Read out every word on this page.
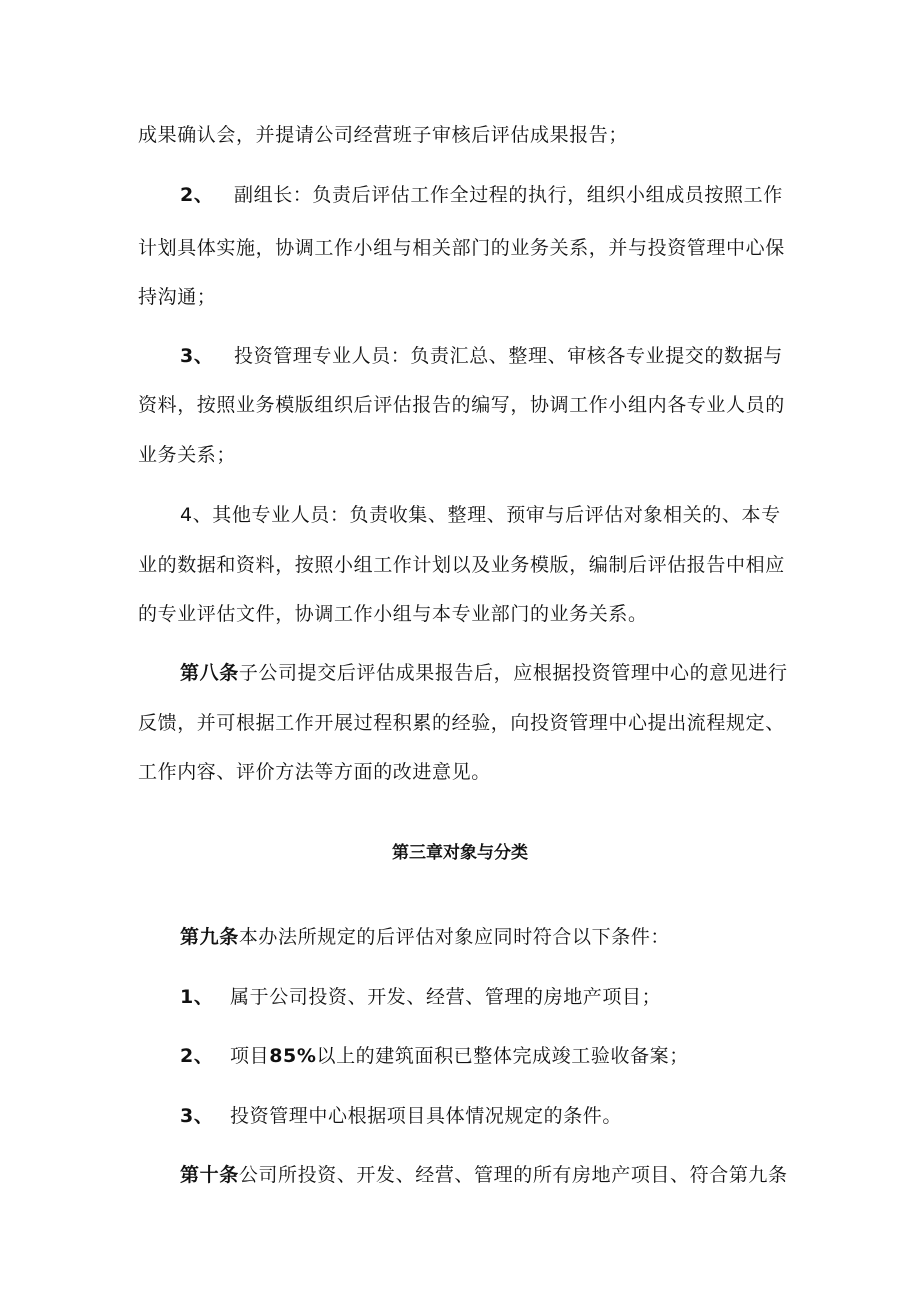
成果确认会，并提请公司经营班子审核后评估成果报告；
2、 副组长：负责后评估工作全过程的执行，组织小组成员按照工作
计划具体实施，协调工作小组与相关部门的业务关系，并与投资管理中心保
持沟通；
3、 投资管理专业人员：负责汇总、整理、审核各专业提交的数据与
资料，按照业务模版组织后评估报告的编写，协调工作小组内各专业人员的
业务关系；
4、其他专业人员：负责收集、整理、预审与后评估对象相关的、本专
业的数据和资料，按照小组工作计划以及业务模版，编制后评估报告中相应
的专业评估文件，协调工作小组与本专业部门的业务关系。
第八条子公司提交后评估成果报告后，应根据投资管理中心的意见进行
反馈，并可根据工作开展过程积累的经验，向投资管理中心提出流程规定、
工作内容、评价方法等方面的改进意见。
第三章对象与分类
第九条本办法所规定的后评估对象应同时符合以下条件：
1、 属于公司投资、开发、经营、管理的房地产项目；
2、 项目85%以上的建筑面积已整体完成竣工验收备案；
3、 投资管理中心根据项目具体情况规定的条件。
第十条公司所投资、开发、经营、管理的所有房地产项目、符合第九条
